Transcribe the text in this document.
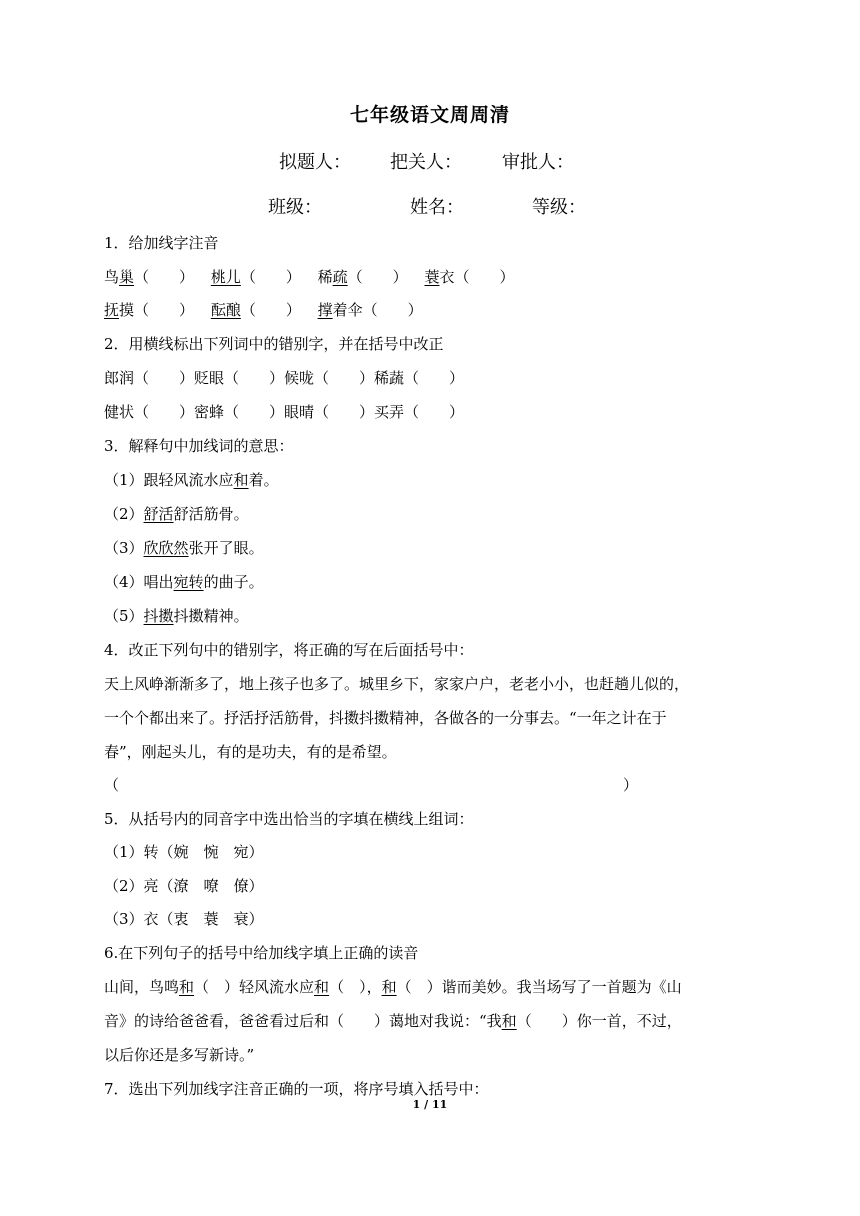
七年级语文周周清
拟题人： 把关人： 审批人：
班级：	姓名：	等级：
1．给加线字注音
鸟巢（　　） 桃儿（　　） 稀疏（　　） 蓑衣（　　）
抚摸（　　） 酝酿（　　） 撑着伞（　　）
2．用横线标出下列词中的错别字，并在括号中改正
郎润（　　）贬眼（　　）候咙（　　）稀蔬（　　）
健状（　　）密蜂（　　）眼晴（　　）买弄（　　）
3．解释句中加线词的意思：
（1）跟轻风流水应和着。
（2）舒活舒活筋骨。
（3）欣欣然张开了眼。
（4）唱出宛转的曲子。
（5）抖擞抖擞精神。
4．改正下列句中的错别字，将正确的写在后面括号中：
天上风峥渐渐多了，地上孩子也多了。城里乡下，家家户户，老老小小，也赶趟儿似的，
一个个都出来了。抒活抒活筋骨，抖擞抖擞精神，各做各的一分事去。“一年之计在于
春”，刚起头儿，有的是功夫，有的是希望。
（	）
5．从括号内的同音字中选出恰当的字填在横线上组词：
（1）转（婉　惋　宛）
（2）亮（潦　嘹　僚）
（3）衣（衷　蓑　衰）
6.在下列句子的括号中给加线字填上正确的读音
山间，鸟鸣和（　）轻风流水应和（　），和（　）谐而美妙。我当场写了一首题为《山
音》的诗给爸爸看，爸爸看过后和（　　）蔼地对我说：“我和（　　）你一首，不过，
以后你还是多写新诗。”
7．选出下列加线字注音正确的一项，将序号填入括号中：
1 / 11
